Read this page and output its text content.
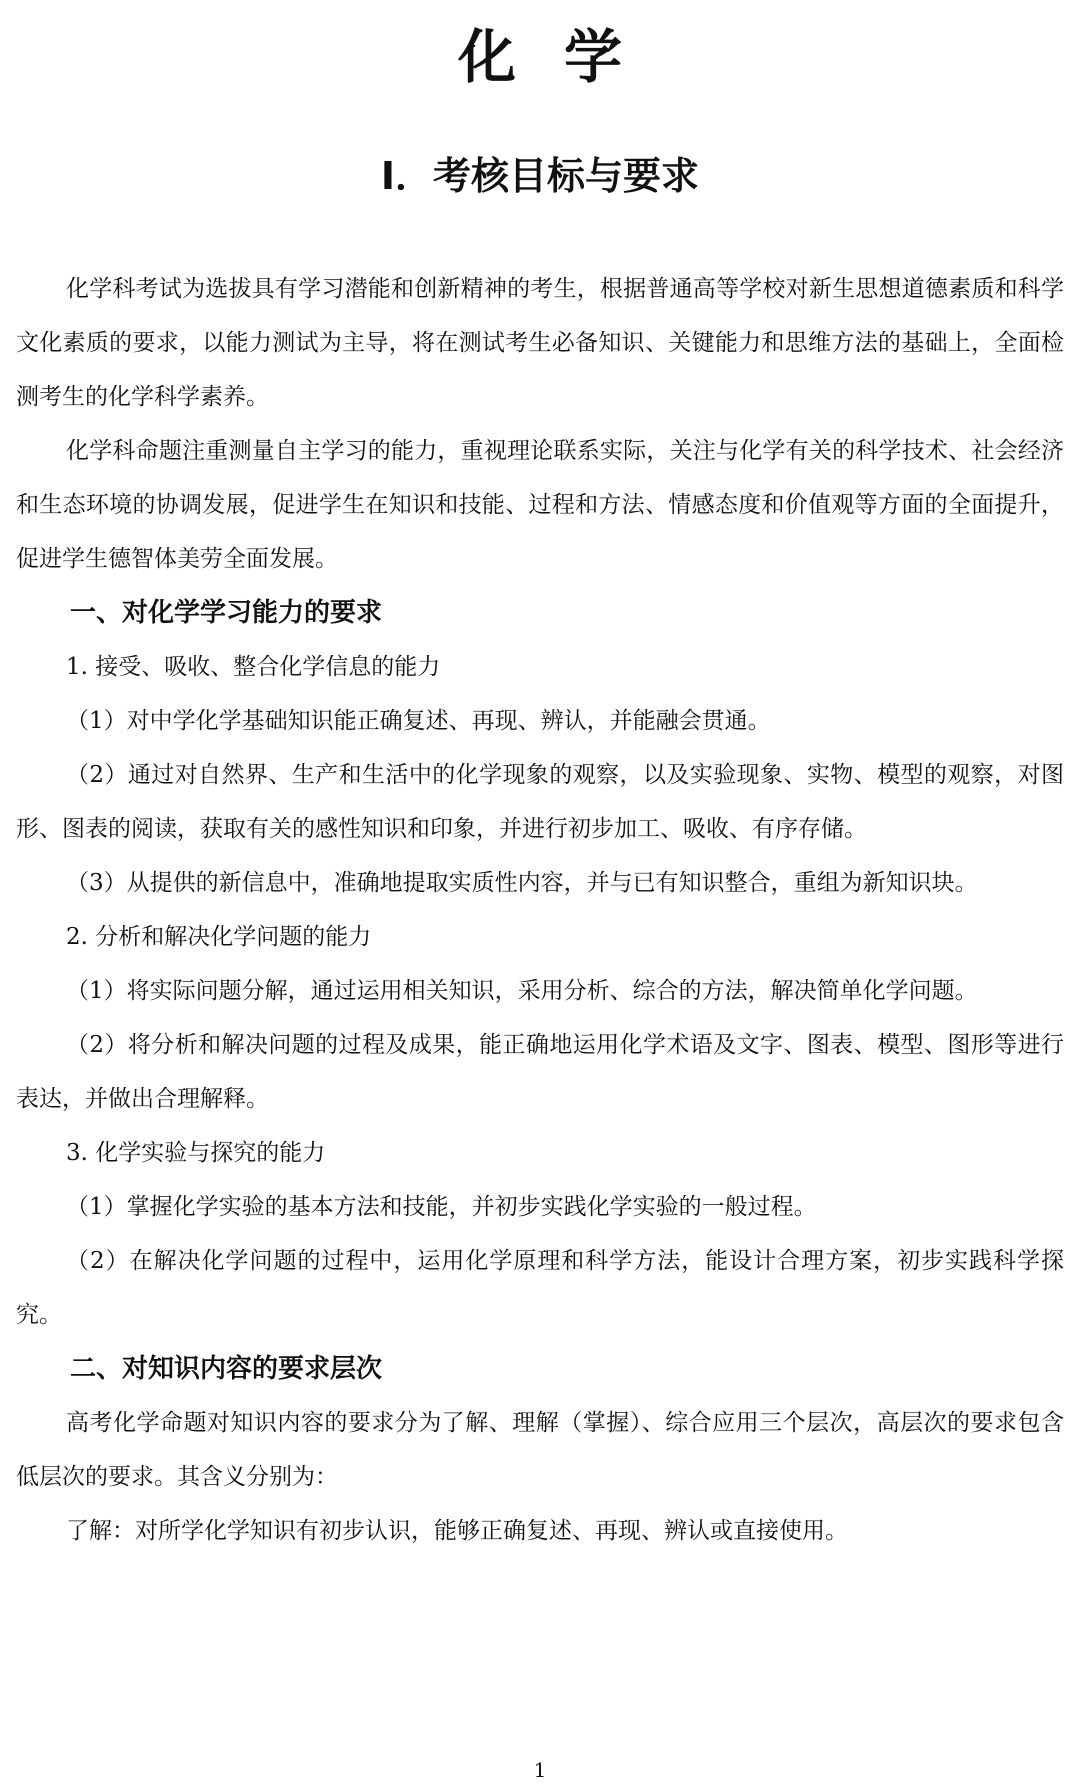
化学
I．考核目标与要求

化学科考试为选拔具有学习潜能和创新精神的考生，根据普通高等学校对新生思想道德素质和科学文化素质的要求，以能力测试为主导，将在测试考生必备知识、关键能力和思维方法的基础上，全面检测考生的化学科学素养。

化学科命题注重测量自主学习的能力，重视理论联系实际，关注与化学有关的科学技术、社会经济和生态环境的协调发展，促进学生在知识和技能、过程和方法、情感态度和价值观等方面的全面提升，促进学生德智体美劳全面发展。

一、对化学学习能力的要求

1. 接受、吸收、整合化学信息的能力

（1）对中学化学基础知识能正确复述、再现、辨认，并能融会贯通。

（2）通过对自然界、生产和生活中的化学现象的观察，以及实验现象、实物、模型的观察，对图形、图表的阅读，获取有关的感性知识和印象，并进行初步加工、吸收、有序存储。

（3）从提供的新信息中，准确地提取实质性内容，并与已有知识整合，重组为新知识块。

2. 分析和解决化学问题的能力

（1）将实际问题分解，通过运用相关知识，采用分析、综合的方法，解决简单化学问题。

（2）将分析和解决问题的过程及成果，能正确地运用化学术语及文字、图表、模型、图形等进行表达，并做出合理解释。

3. 化学实验与探究的能力

（1）掌握化学实验的基本方法和技能，并初步实践化学实验的一般过程。

（2）在解决化学问题的过程中，运用化学原理和科学方法，能设计合理方案，初步实践科学探究。

二、对知识内容的要求层次

高考化学命题对知识内容的要求分为了解、理解（掌握）、综合应用三个层次，高层次的要求包含低层次的要求。其含义分别为：

了解：对所学化学知识有初步认识，能够正确复述、再现、辨认或直接使用。

1
